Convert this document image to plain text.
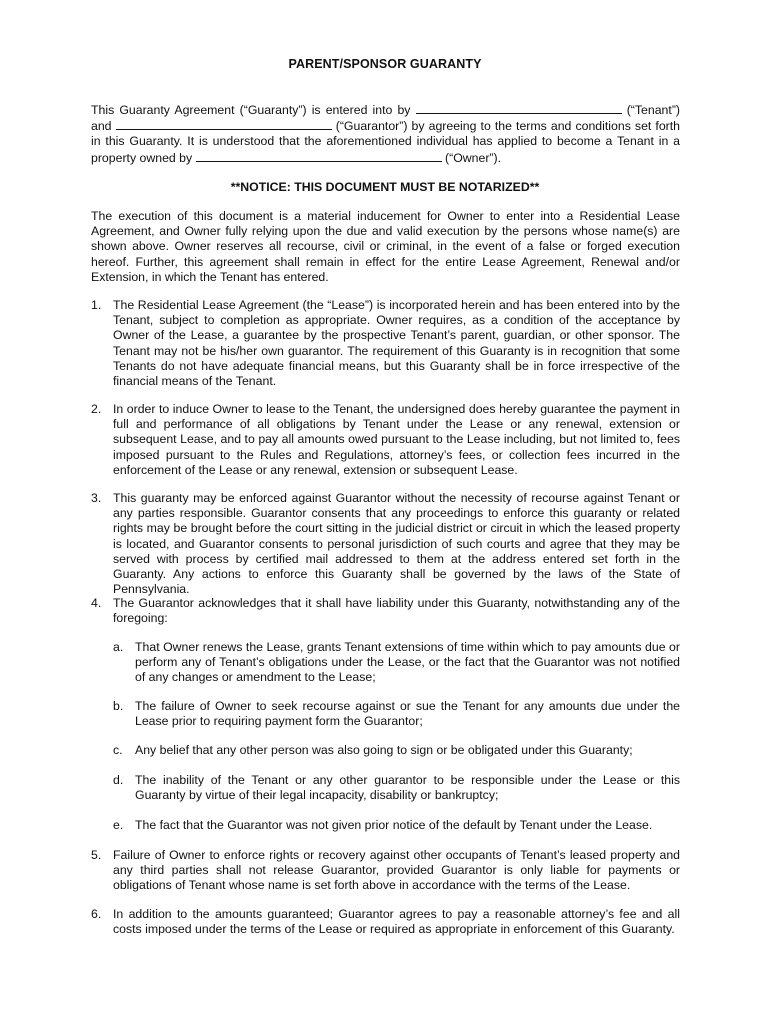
PARENT/SPONSOR GUARANTY
This Guaranty Agreement (“Guaranty”) is entered into by	(“Tenant”) and	(“Guarantor”) by agreeing to the terms and conditions set forth in this Guaranty. It is understood that the aforementioned individual has applied to become a Tenant in a property owned by	(“Owner”).
**NOTICE: THIS DOCUMENT MUST BE NOTARIZED**
The execution of this document is a material inducement for Owner to enter into a Residential Lease Agreement, and Owner fully relying upon the due and valid execution by the persons whose name(s) are shown above. Owner reserves all recourse, civil or criminal, in the event of a false or forged execution hereof. Further, this agreement shall remain in effect for the entire Lease Agreement, Renewal and/or Extension, in which the Tenant has entered.
1. The Residential Lease Agreement (the “Lease”) is incorporated herein and has been entered into by the Tenant, subject to completion as appropriate. Owner requires, as a condition of the acceptance by Owner of the Lease, a guarantee by the prospective Tenant’s parent, guardian, or other sponsor. The Tenant may not be his/her own guarantor. The requirement of this Guaranty is in recognition that some Tenants do not have adequate financial means, but this Guaranty shall be in force irrespective of the financial means of the Tenant.
2. In order to induce Owner to lease to the Tenant, the undersigned does hereby guarantee the payment in full and performance of all obligations by Tenant under the Lease or any renewal, extension or subsequent Lease, and to pay all amounts owed pursuant to the Lease including, but not limited to, fees imposed pursuant to the Rules and Regulations, attorney’s fees, or collection fees incurred in the enforcement of the Lease or any renewal, extension or subsequent Lease.
3. This guaranty may be enforced against Guarantor without the necessity of recourse against Tenant or any parties responsible. Guarantor consents that any proceedings to enforce this guaranty or related rights may be brought before the court sitting in the judicial district or circuit in which the leased property is located, and Guarantor consents to personal jurisdiction of such courts and agree that they may be served with process by certified mail addressed to them at the address entered set forth in the Guaranty. Any actions to enforce this Guaranty shall be governed by the laws of the State of Pennsylvania.
4. The Guarantor acknowledges that it shall have liability under this Guaranty, notwithstanding any of the foregoing:
a. That Owner renews the Lease, grants Tenant extensions of time within which to pay amounts due or perform any of Tenant’s obligations under the Lease, or the fact that the Guarantor was not notified of any changes or amendment to the Lease;
b. The failure of Owner to seek recourse against or sue the Tenant for any amounts due under the Lease prior to requiring payment form the Guarantor;
c.	Any belief that any other person was also going to sign or be obligated under this Guaranty;
d. The inability of the Tenant or any other guarantor to be responsible under the Lease or this Guaranty by virtue of their legal incapacity, disability or bankruptcy;
e. The fact that the Guarantor was not given prior notice of the default by Tenant under the Lease.
5. Failure of Owner to enforce rights or recovery against other occupants of Tenant’s leased property and any third parties shall not release Guarantor, provided Guarantor is only liable for payments or obligations of Tenant whose name is set forth above in accordance with the terms of the Lease.
6. In addition to the amounts guaranteed; Guarantor agrees to pay a reasonable attorney’s fee and all costs imposed under the terms of the Lease or required as appropriate in enforcement of this Guaranty.
